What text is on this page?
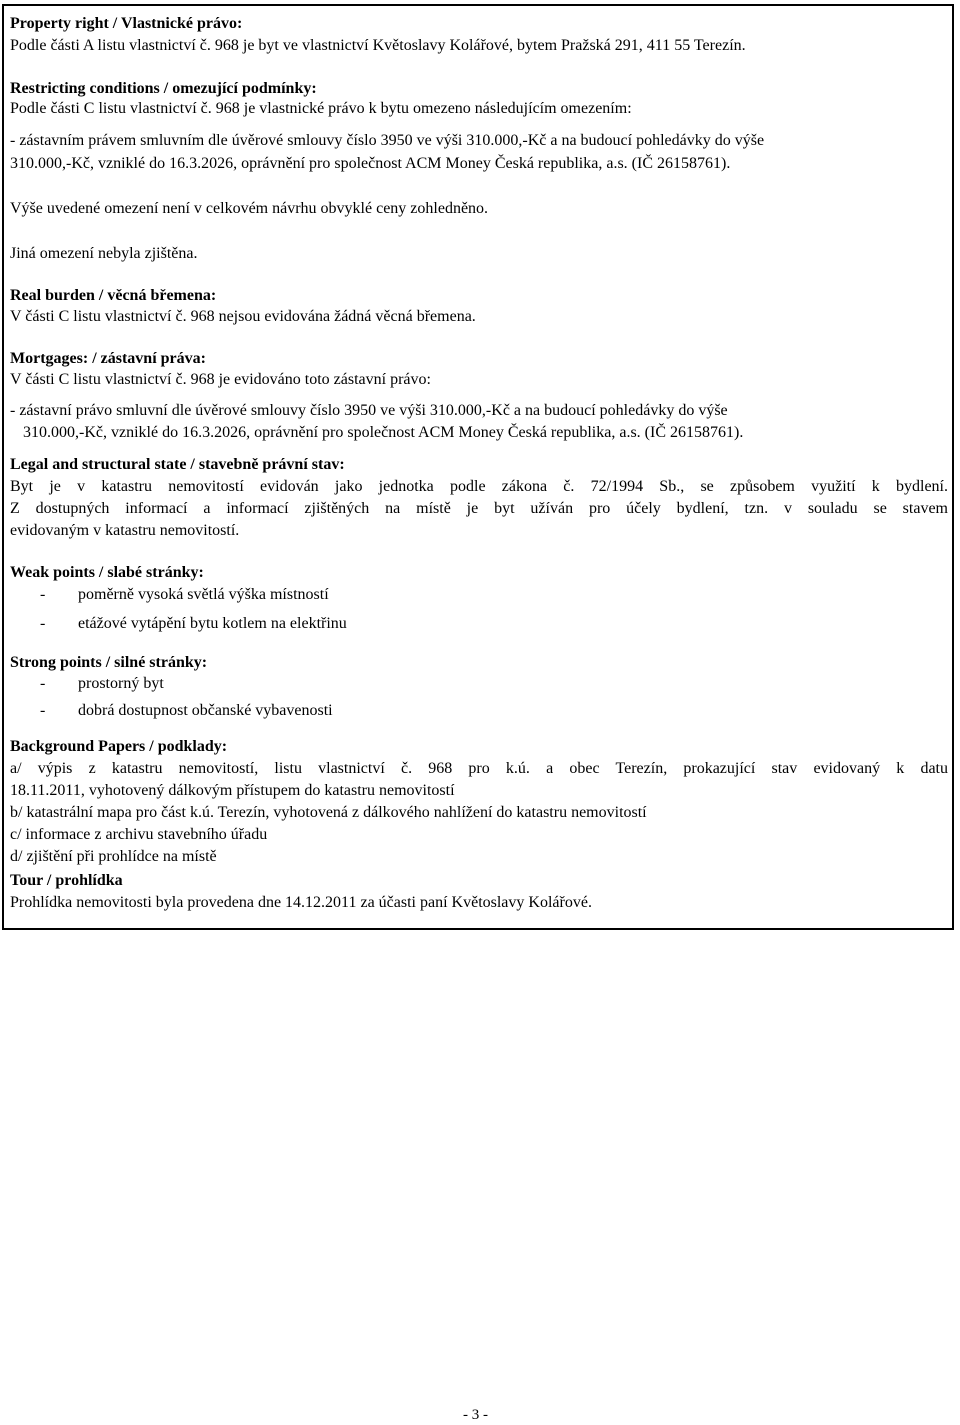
Property right / Vlastnické právo:
Podle části A listu vlastnictví č. 968 je byt ve vlastnictví Květoslavy Kolářové, bytem Pražská 291, 411 55 Terezín.
Restricting conditions / omezující podmínky:
Podle části C listu vlastnictví č. 968 je vlastnické právo k bytu omezeno následujícím omezením:
- zástavním právem smluvním dle úvěrové smlouvy číslo 3950 ve výši 310.000,-Kč a na budoucí pohledávky do výše
310.000,-Kč, vzniklé do 16.3.2026, oprávnění pro společnost ACM Money Česká republika, a.s. (IČ 26158761).
Výše uvedené omezení není v celkovém návrhu obvyklé ceny zohledněno.
Jiná omezení nebyla zjištěna.
Real burden / věcná břemena:
V části C listu vlastnictví č. 968 nejsou evidována žádná věcná břemena.
Mortgages: / zástavní práva:
V části C listu vlastnictví č. 968 je evidováno toto zástavní právo:
- zástavní právo smluvní dle úvěrové smlouvy číslo 3950 ve výši 310.000,-Kč a na budoucí pohledávky do výše
310.000,-Kč, vzniklé do 16.3.2026, oprávnění pro společnost ACM Money Česká republika, a.s. (IČ 26158761).
Legal and structural state / stavebně právní stav:
Byt je v katastru nemovitostí evidován jako jednotka podle zákona č. 72/1994 Sb., se způsobem využití k bydlení.
Z dostupných informací a informací zjištěných na místě je byt užíván pro účely bydlení, tzn. v souladu se stavem
evidovaným v katastru nemovitostí.
Weak points / slabé stránky:
- poměrně vysoká světlá výška místností
- etážové vytápění bytu kotlem na elektřinu
Strong points / silné stránky:
- prostorný byt
- dobrá dostupnost občanské vybavenosti
Background Papers / podklady:
a/ výpis z katastru nemovitostí, listu vlastnictví č. 968 pro k.ú. a obec Terezín, prokazující stav evidovaný k datu
18.11.2011, vyhotovený dálkovým přístupem do katastru nemovitostí
b/ katastrální mapa pro část k.ú. Terezín, vyhotovená z dálkového nahlížení do katastru nemovitostí
c/ informace z archivu stavebního úřadu
d/ zjištění při prohlídce na místě
Tour / prohlídka
Prohlídka nemovitosti byla provedena dne 14.12.2011 za účasti paní Květoslavy Kolářové.
- 3 -
